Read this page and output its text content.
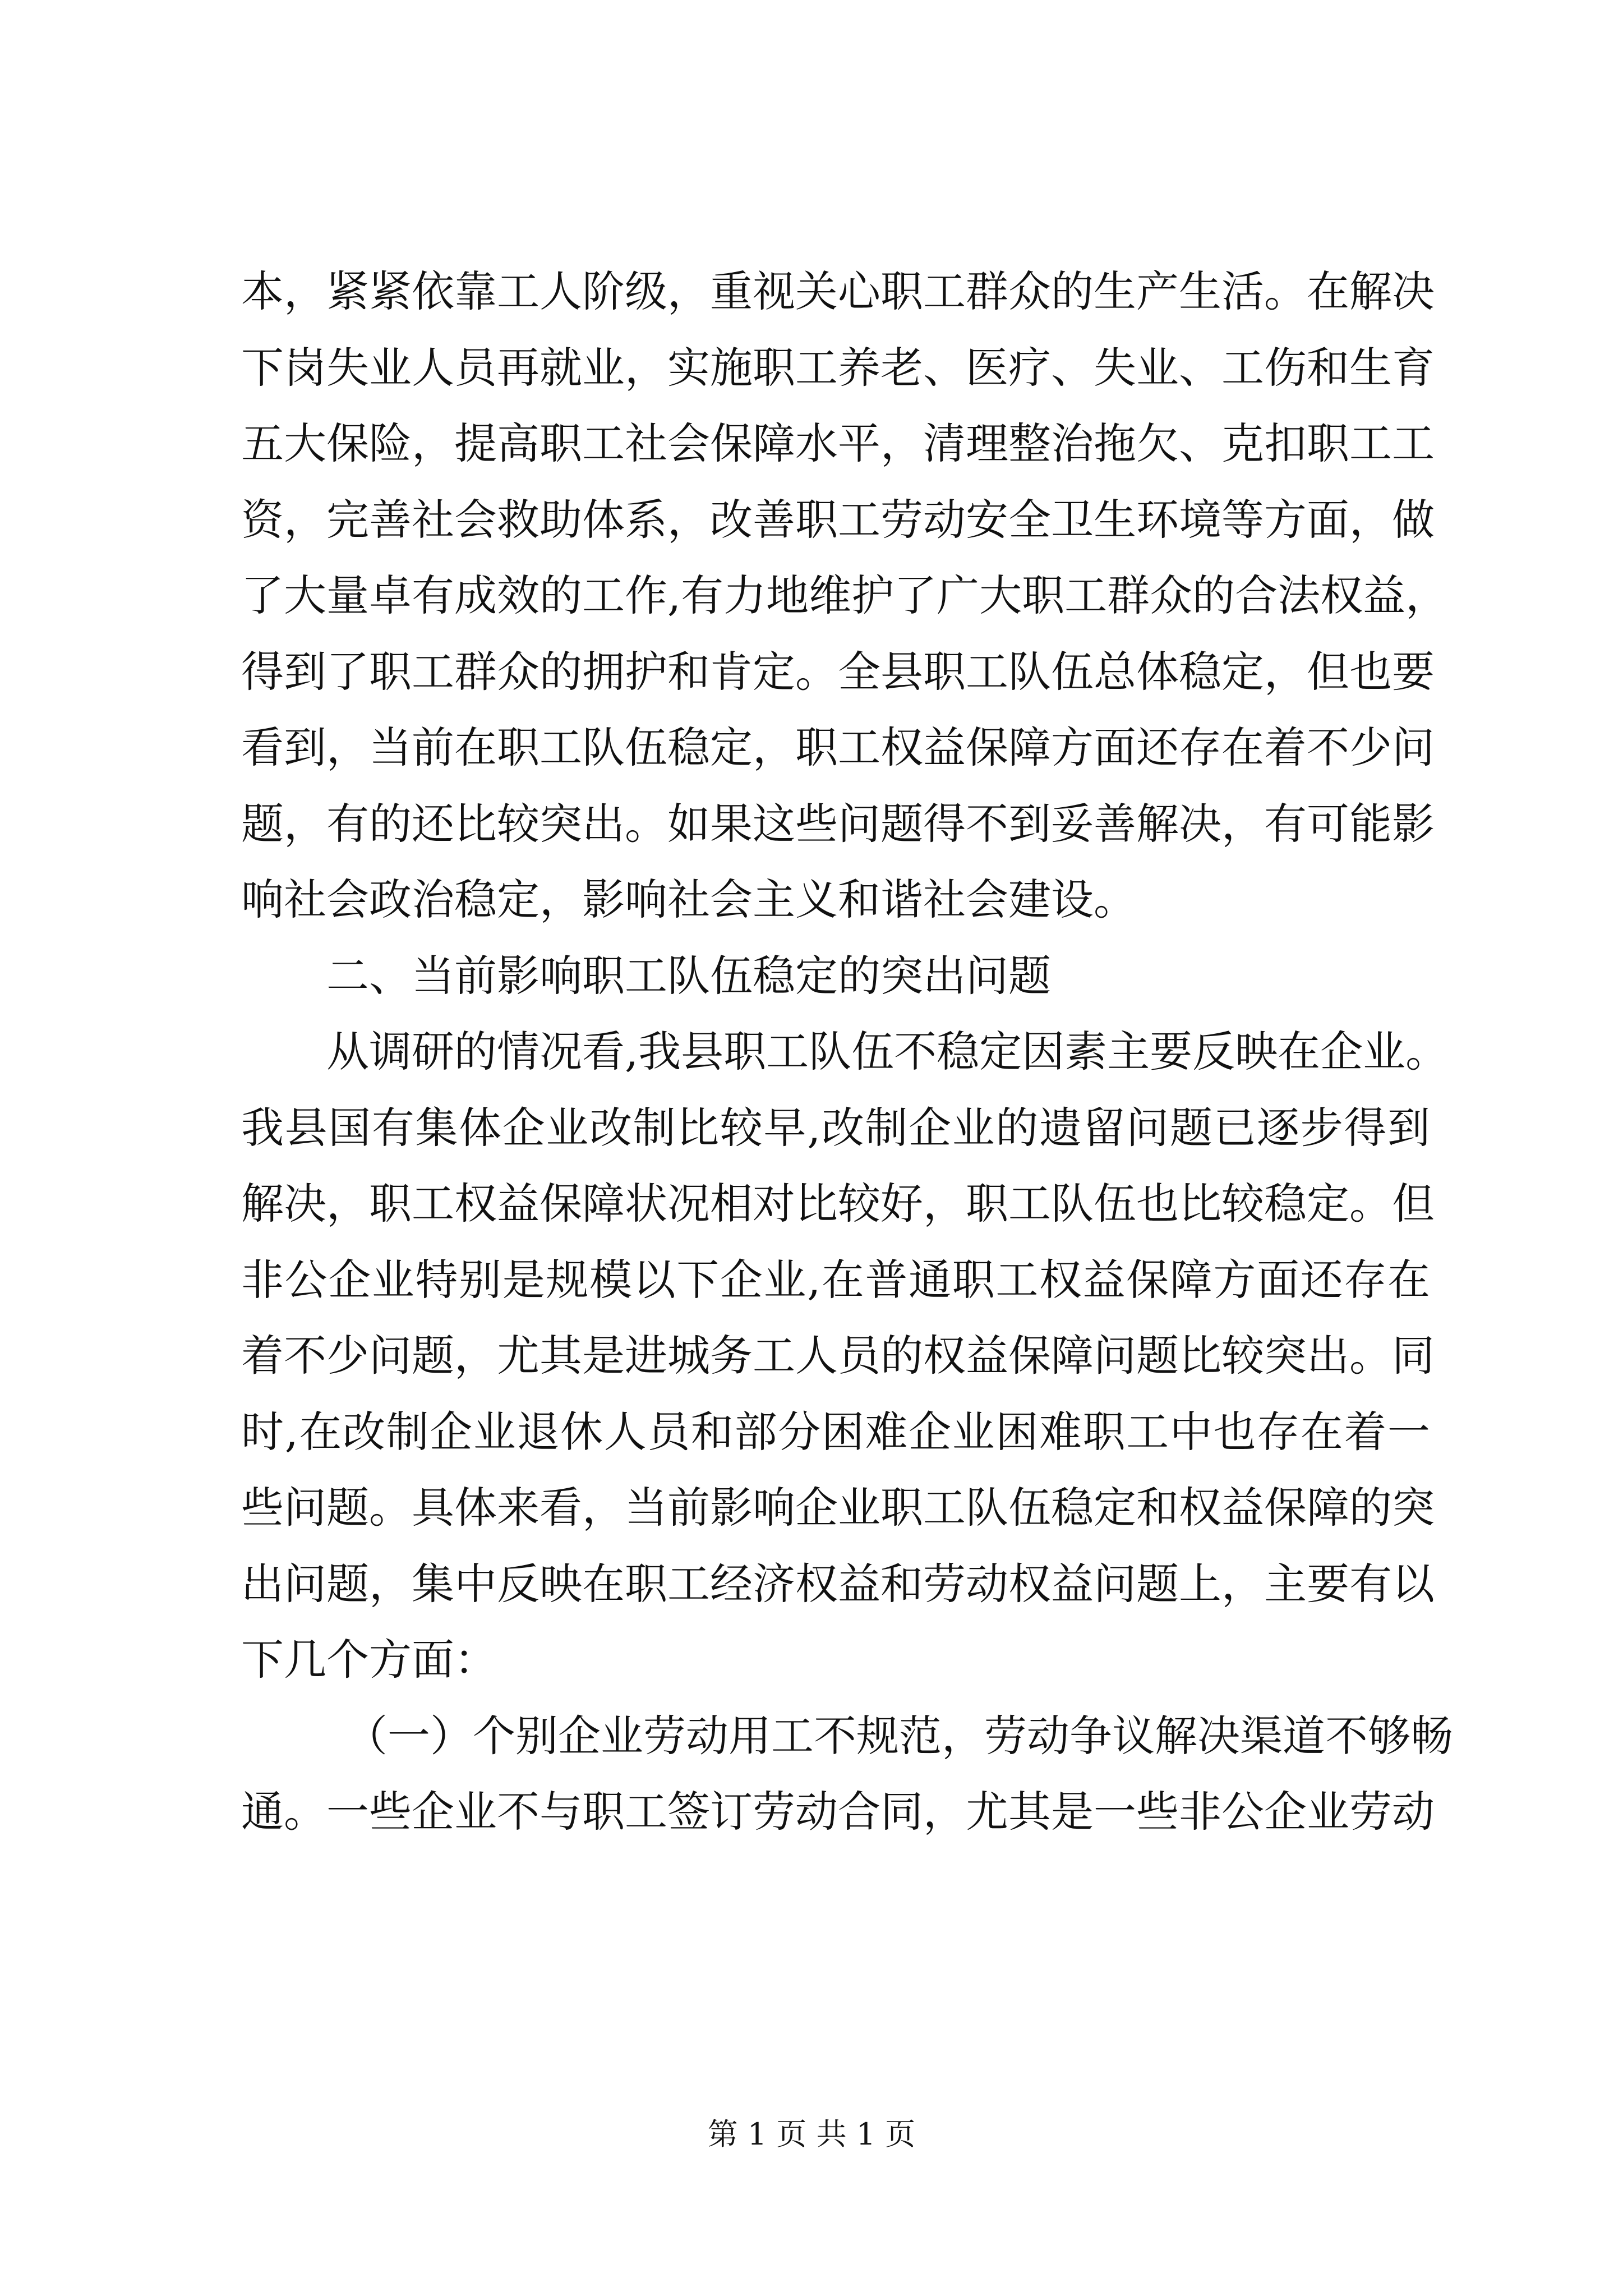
本，紧紧依靠工人阶级，重视关心职工群众的生产生活。在解决
下岗失业人员再就业，实施职工养老、医疗、失业、工伤和生育
五大保险，提高职工社会保障水平，清理整治拖欠、克扣职工工
资，完善社会救助体系，改善职工劳动安全卫生环境等方面，做
了大量卓有成效的工作,有力地维护了广大职工群众的合法权益，
得到了职工群众的拥护和肯定。全县职工队伍总体稳定，但也要
看到，当前在职工队伍稳定，职工权益保障方面还存在着不少问
题，有的还比较突出。如果这些问题得不到妥善解决，有可能影
响社会政治稳定，影响社会主义和谐社会建设。
二、当前影响职工队伍稳定的突出问题
从调研的情况看,我县职工队伍不稳定因素主要反映在企业。
我县国有集体企业改制比较早,改制企业的遗留问题已逐步得到
解决，职工权益保障状况相对比较好，职工队伍也比较稳定。但
非公企业特别是规模以下企业,在普通职工权益保障方面还存在
着不少问题，尤其是进城务工人员的权益保障问题比较突出。同
时,在改制企业退休人员和部分困难企业困难职工中也存在着一
些问题。具体来看，当前影响企业职工队伍稳定和权益保障的突
出问题，集中反映在职工经济权益和劳动权益问题上，主要有以
下几个方面：
（一）个别企业劳动用工不规范，劳动争议解决渠道不够畅
通。一些企业不与职工签订劳动合同，尤其是一些非公企业劳动
第 1 页 共 1 页
